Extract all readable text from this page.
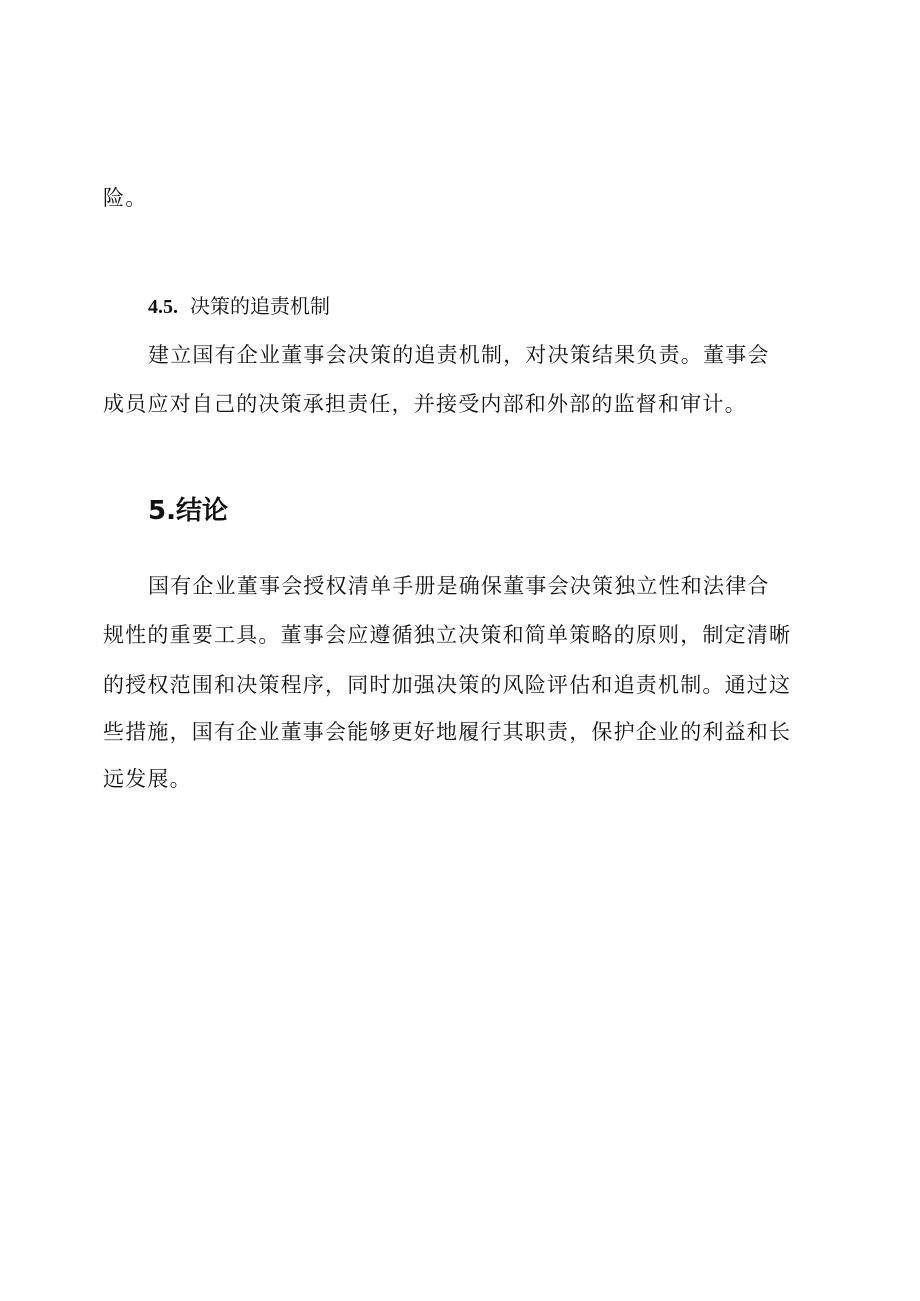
险。
4.5. 决策的追责机制
建立国有企业董事会决策的追责机制，对决策结果负责。董事会
成员应对自己的决策承担责任，并接受内部和外部的监督和审计。
5.结论
国有企业董事会授权清单手册是确保董事会决策独立性和法律合
规性的重要工具。董事会应遵循独立决策和简单策略的原则，制定清晰
的授权范围和决策程序，同时加强决策的风险评估和追责机制。通过这
些措施，国有企业董事会能够更好地履行其职责，保护企业的利益和长
远发展。
